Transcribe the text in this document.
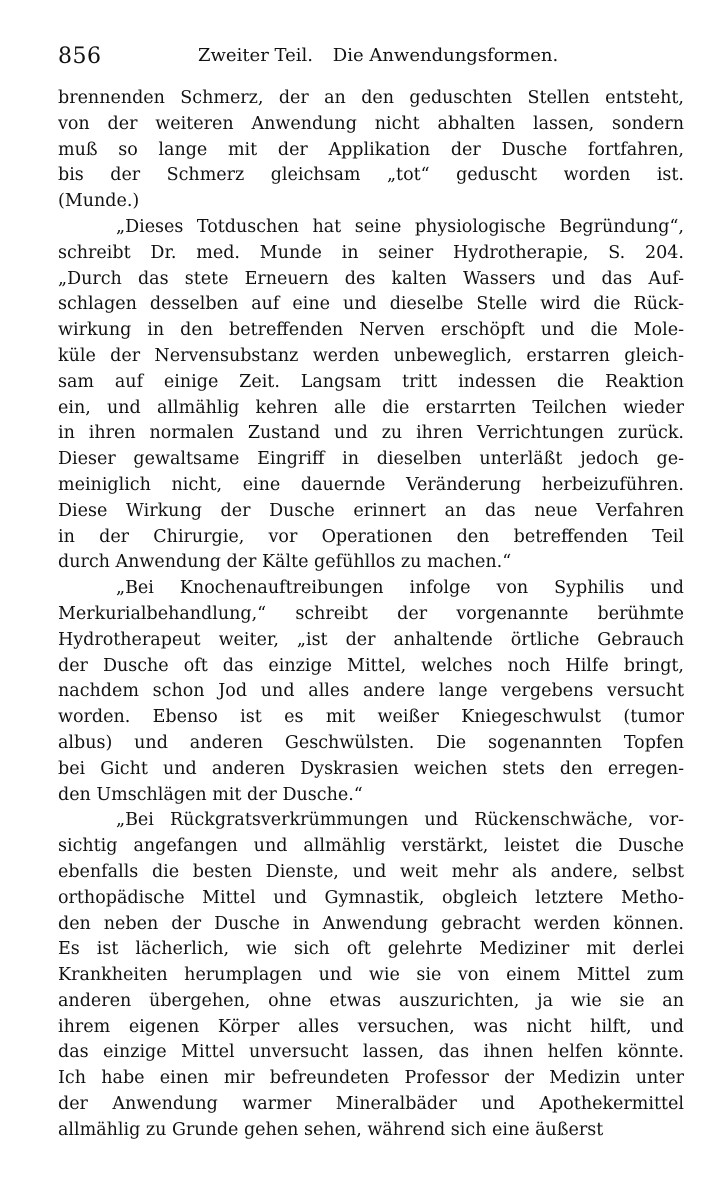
856	Zweiter Teil. Die Anwendungsformen.
brennenden Schmerz, der an den geduschten Stellen entsteht,
von der weiteren Anwendung nicht abhalten lassen, sondern
muß so lange mit der Applikation der Dusche fortfahren,
bis der Schmerz gleichsam „tot“ geduscht worden ist.
(Munde.)
„Dieses Totduschen hat seine physiologische Begründung“,
schreibt Dr. med. Munde in seiner Hydrotherapie, S. 204.
„Durch das stete Erneuern des kalten Wassers und das Auf-
schlagen desselben auf eine und dieselbe Stelle wird die Rück-
wirkung in den betreffenden Nerven erschöpft und die Mole-
küle der Nervensubstanz werden unbeweglich, erstarren gleich-
sam auf einige Zeit. Langsam tritt indessen die Reaktion
ein, und allmählig kehren alle die erstarrten Teilchen wieder
in ihren normalen Zustand und zu ihren Verrichtungen zurück.
Dieser gewaltsame Eingriff in dieselben unterläßt jedoch ge-
meiniglich nicht, eine dauernde Veränderung herbeizuführen.
Diese Wirkung der Dusche erinnert an das neue Verfahren
in der Chirurgie, vor Operationen den betreffenden Teil
durch Anwendung der Kälte gefühllos zu machen.“
„Bei Knochenauftreibungen infolge von Syphilis und
Merkurialbehandlung,“ schreibt der vorgenannte berühmte
Hydrotherapeut weiter, „ist der anhaltende örtliche Gebrauch
der Dusche oft das einzige Mittel, welches noch Hilfe bringt,
nachdem schon Jod und alles andere lange vergebens versucht
worden. Ebenso ist es mit weißer Kniegeschwulst (tumor
albus) und anderen Geschwülsten. Die sogenannten Topfen
bei Gicht und anderen Dyskrasien weichen stets den erregen-
den Umschlägen mit der Dusche.“
„Bei Rückgratsverkrümmungen und Rückenschwäche, vor-
sichtig angefangen und allmählig verstärkt, leistet die Dusche
ebenfalls die besten Dienste, und weit mehr als andere, selbst
orthopädische Mittel und Gymnastik, obgleich letztere Metho-
den neben der Dusche in Anwendung gebracht werden können.
Es ist lächerlich, wie sich oft gelehrte Mediziner mit derlei
Krankheiten herumplagen und wie sie von einem Mittel zum
anderen übergehen, ohne etwas auszurichten, ja wie sie an
ihrem eigenen Körper alles versuchen, was nicht hilft, und
das einzige Mittel unversucht lassen, das ihnen helfen könnte.
Ich habe einen mir befreundeten Professor der Medizin unter
der Anwendung warmer Mineralbäder und Apothekermittel
allmählig zu Grunde gehen sehen, während sich eine äußerst
